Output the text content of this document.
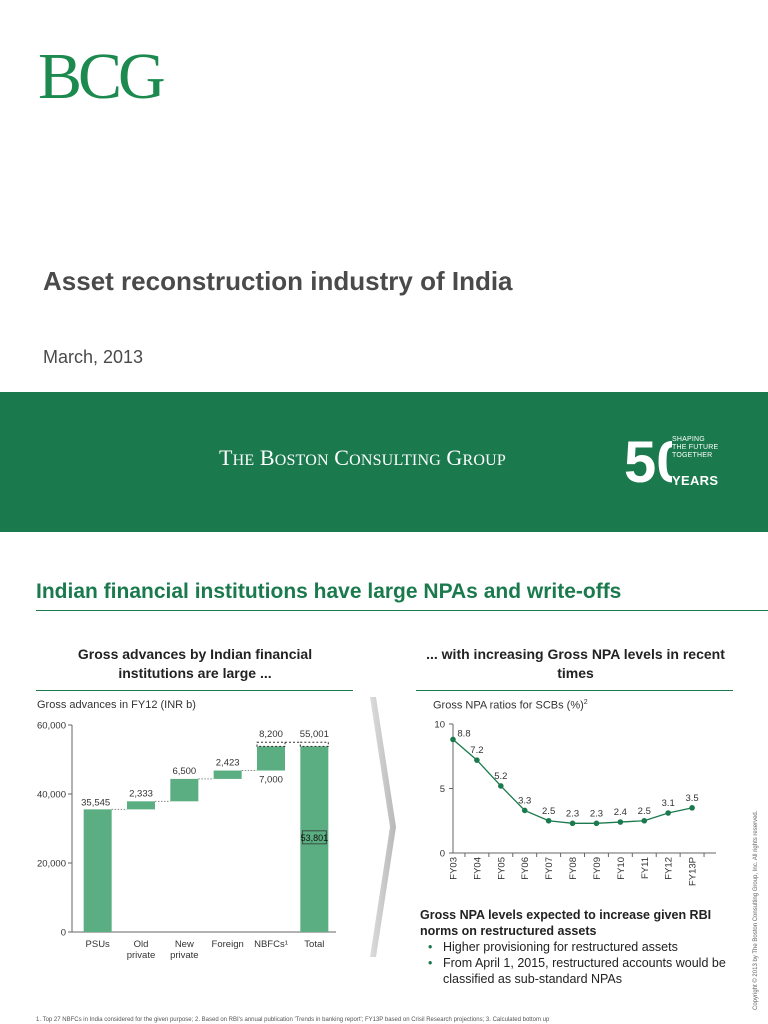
BCG
Asset reconstruction industry of India
March, 2013
THE BOSTON CONSULTING GROUP 5	SHAPING
THE FUTURE
TOGETHER
YEARS
Indian financial institutions have large NPAs and write-offs
Gross advances by Indian financial institutions are large ...
Gross advances in FY12 (INR b)
... with increasing Gross NPA levels in recent times
Gross NPA ratios for SCBs (%)$^2$
0
20,000
40,000
60,000
PSUs	Old private
New private
Foreign NBFCs¹ Total
35,545
2,333
6,500
2,423
7,000
8,200 55,001
53,801
0
5
10
8.8
FY03
7.2
FY04
5.2
FY05
3.3
FY06
2.5
FY07
2.3
FY08
2.3
FY09
2.4
FY10
2.5
FY11
3.1
FY12
3.5
FY13P
Gross NPA levels expected to increase given RBI norms on restructured assets
• Higher provisioning for restructured assets
• From April 1, 2015, restructured accounts would be classified as sub-standard NPAs	Copyright © 2013 by The Boston Consulting Group, Inc. All rights reserved.
1. Top 27 NBFCs in India considered for the given purpose; 2. Based on RBI's annual publication 'Trends in banking report'; FY13P based on Crisil Research projections; 3. Calculated bottom up
